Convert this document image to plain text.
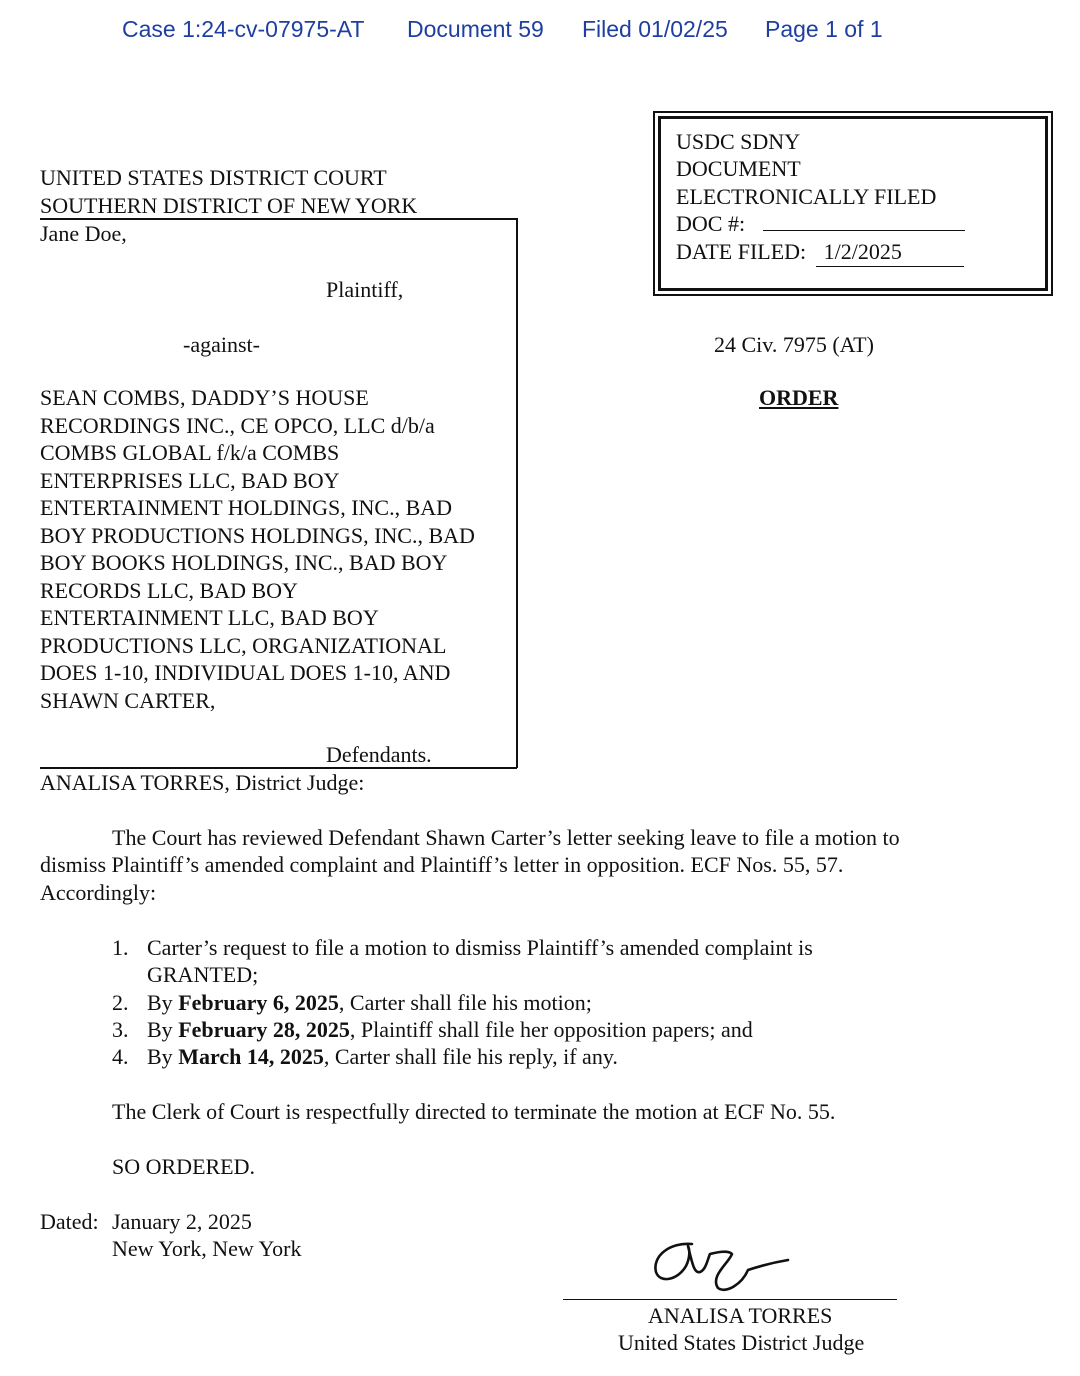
Case 1:24-cv-07975-AT Document 59 Filed 01/02/25 Page 1 of 1
USDC SDNY
DOCUMENT
ELECTRONICALLY FILED
DOC #:
DATE FILED: 1/2/2025
UNITED STATES DISTRICT COURT
SOUTHERN DISTRICT OF NEW YORK
Jane Doe,
Plaintiff,
-against-
SEAN COMBS, DADDY’S HOUSE
RECORDINGS INC., CE OPCO, LLC d/b/a
COMBS GLOBAL f/k/a COMBS
ENTERPRISES LLC, BAD BOY
ENTERTAINMENT HOLDINGS, INC., BAD
BOY PRODUCTIONS HOLDINGS, INC., BAD
BOY BOOKS HOLDINGS, INC., BAD BOY
RECORDS LLC, BAD BOY
ENTERTAINMENT LLC, BAD BOY
PRODUCTIONS LLC, ORGANIZATIONAL
DOES 1-10, INDIVIDUAL DOES 1-10, AND
SHAWN CARTER,
Defendants.
24 Civ. 7975 (AT)
ORDER
ANALISA TORRES, District Judge:
The Court has reviewed Defendant Shawn Carter’s letter seeking leave to file a motion to
dismiss Plaintiff’s amended complaint and Plaintiff’s letter in opposition. ECF Nos. 55, 57.
Accordingly:
1. Carter’s request to file a motion to dismiss Plaintiff’s amended complaint is
GRANTED;
2. By February 6, 2025, Carter shall file his motion;
3. By February 28, 2025, Plaintiff shall file her opposition papers; and
4. By March 14, 2025, Carter shall file his reply, if any.
The Clerk of Court is respectfully directed to terminate the motion at ECF No. 55.
SO ORDERED.
Dated: January 2, 2025
New York, New York
ANALISA TORRES
United States District Judge
